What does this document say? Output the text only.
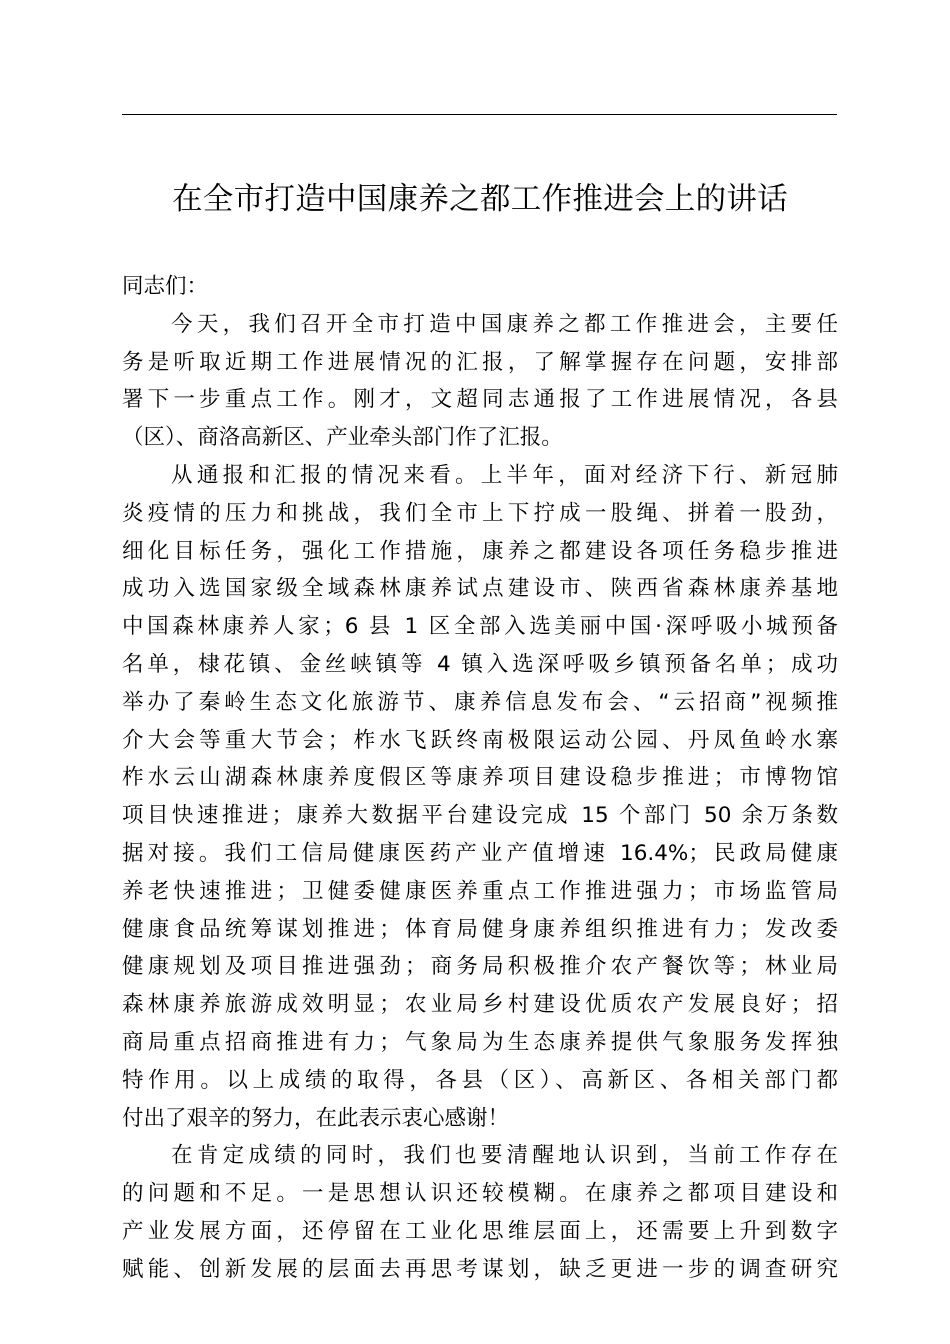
在全市打造中国康养之都工作推进会上的讲话
同志们：
今天，我们召开全市打造中国康养之都工作推进会，主要任
务是听取近期工作进展情况的汇报，了解掌握存在问题，安排部
署下一步重点工作。刚才，文超同志通报了工作进展情况，各县
（区）、商洛高新区、产业牵头部门作了汇报。
从通报和汇报的情况来看。上半年，面对经济下行、新冠肺
炎疫情的压力和挑战，我们全市上下拧成一股绳、拼着一股劲，
细化目标任务，强化工作措施，康养之都建设各项任务稳步推进
成功入选国家级全域森林康养试点建设市、陕西省森林康养基地
中国森林康养人家；6 县 1 区全部入选美丽中国·深呼吸小城预备
名单，棣花镇、金丝峡镇等 4 镇入选深呼吸乡镇预备名单；成功
举办了秦岭生态文化旅游节、康养信息发布会、“云招商”视频推
介大会等重大节会；柞水飞跃终南极限运动公园、丹凤鱼岭水寨
柞水云山湖森林康养度假区等康养项目建设稳步推进；市博物馆
项目快速推进；康养大数据平台建设完成 15 个部门 50 余万条数
据对接。我们工信局健康医药产业产值增速 16.4%；民政局健康
养老快速推进；卫健委健康医养重点工作推进强力；市场监管局
健康食品统筹谋划推进；体育局健身康养组织推进有力；发改委
健康规划及项目推进强劲；商务局积极推介农产餐饮等；林业局
森林康养旅游成效明显；农业局乡村建设优质农产发展良好；招
商局重点招商推进有力；气象局为生态康养提供气象服务发挥独
特作用。以上成绩的取得，各县（区）、高新区、各相关部门都
付出了艰辛的努力，在此表示衷心感谢！
在肯定成绩的同时，我们也要清醒地认识到，当前工作存在
的问题和不足。一是思想认识还较模糊。在康养之都项目建设和
产业发展方面，还停留在工业化思维层面上，还需要上升到数字
赋能、创新发展的层面去再思考谋划，缺乏更进一步的调查研究
